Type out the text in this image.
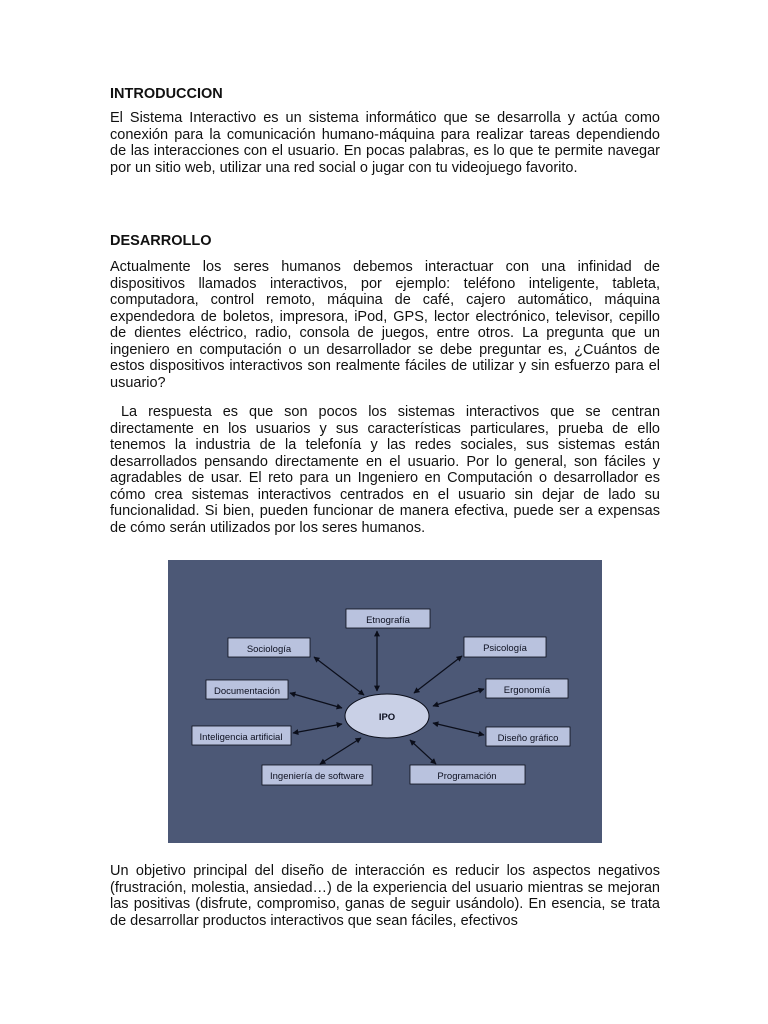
INTRODUCCION

El Sistema Interactivo es un sistema informático que se desarrolla y actúa como conexión para la comunicación humano-máquina para realizar tareas dependiendo de las interacciones con el usuario. En pocas palabras, es lo que te permite navegar por un sitio web, utilizar una red social o jugar con tu videojuego favorito.

DESARROLLO

Actualmente los seres humanos debemos interactuar con una infinidad de dispositivos llamados interactivos, por ejemplo: teléfono inteligente, tableta, computadora, control remoto, máquina de café, cajero automático, máquina expendedora de boletos, impresora, iPod, GPS, lector electrónico, televisor, cepillo de dientes eléctrico, radio, consola de juegos, entre otros. La pregunta que un ingeniero en computación o un desarrollador se debe preguntar es, ¿Cuántos de estos dispositivos interactivos son realmente fáciles de utilizar y sin esfuerzo para el usuario?

La respuesta es que son pocos los sistemas interactivos que se centran directamente en los usuarios y sus características particulares, prueba de ello tenemos la industria de la telefonía y las redes sociales, sus sistemas están desarrollados pensando directamente en el usuario. Por lo general, son fáciles y agradables de usar. El reto para un Ingeniero en Computación o desarrollador es cómo crea sistemas interactivos centrados en el usuario sin dejar de lado su funcionalidad. Si bien, pueden funcionar de manera efectiva, puede ser a expensas de cómo serán utilizados por los seres humanos.

Un objetivo principal del diseño de interacción es reducir los aspectos negativos (frustración, molestia, ansiedad…) de la experiencia del usuario mientras se mejoran las positivas (disfrute, compromiso, ganas de seguir usándolo). En esencia, se trata de desarrollar productos interactivos que sean fáciles, efectivos

IPO
Etnografía
Sociología	Psicología
Documentación	Ergonomía
Inteligencia artificial	Diseño gráfico
Ingeniería de software	Programación
